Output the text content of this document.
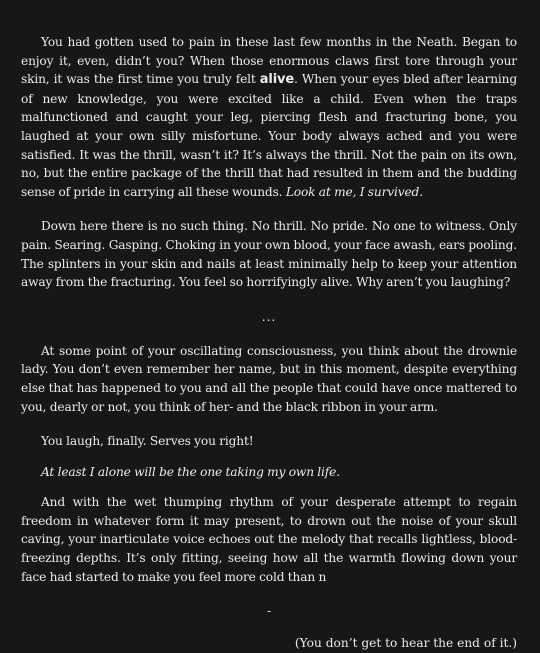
You had gotten used to pain in these last few months in the Neath. Began to enjoy it, even, didn’t you? When those enormous claws first tore through your skin, it was the first time you truly felt alive. When your eyes bled after learning of new knowledge, you were excited like a child. Even when the traps malfunctioned and caught your leg, piercing flesh and fracturing bone, you laughed at your own silly misfortune. Your body always ached and you were satisfied. It was the thrill, wasn’t it? It’s always the thrill. Not the pain on its own, no, but the entire package of the thrill that had resulted in them and the budding sense of pride in carrying all these wounds. Look at me, I survived.

Down here there is no such thing. No thrill. No pride. No one to witness. Only pain. Searing. Gasping. Choking in your own blood, your face awash, ears pooling. The splinters in your skin and nails at least minimally help to keep your attention away from the fracturing. You feel so horrifyingly alive. Why aren’t you laughing?

...

At some point of your oscillating consciousness, you think about the drownie lady. You don’t even remember her name, but in this moment, despite everything else that has happened to you and all the people that could have once mattered to you, dearly or not, you think of her- and the black ribbon in your arm.

You laugh, finally. Serves you right!

At least I alone will be the one taking my own life.

And with the wet thumping rhythm of your desperate attempt to regain freedom in whatever form it may present, to drown out the noise of your skull caving, your inarticulate voice echoes out the melody that recalls lightless, blood-freezing depths. It’s only fitting, seeing how all the warmth flowing down your face had started to make you feel more cold than n

-

(You don’t get to hear the end of it.)
